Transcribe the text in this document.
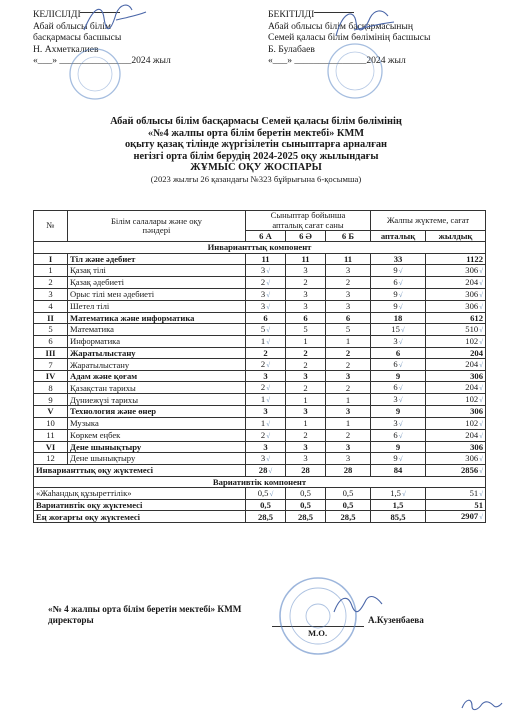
КЕЛІСІЛДІ
Абай облысы білім
басқармасы басшысы
Н. Ахметкалиев
«___» _______________2024 жыл
БЕКІТІЛДІ
Абай облысы білім басқармасының
Семей қаласы білім бөлімінің басшысы
Б. Булабаев
«___» _______________2024 жыл
Абай облысы білім басқармасы Семей қаласы білім бөлімінің
«№4 жалпы орта білім беретін мектебі» КММ
оқыту қазақ тілінде жүргізілетін сыныптарға арналған
негізгі орта білім берудің 2024-2025 оқу жылындағы
ЖҰМЫС ОҚУ ЖОСПАРЫ
(2023 жылғы 26 қазандағы №323 бұйрығына 6-қосымша)
№	Білім салалары және оқу пәндері	Сыныптар бойынша апталық сағат саны			Жалпы жүктеме, сағат	
		6 А	6 Ә	6 Б	апталық	жылдық
Инварианттық компонент						
I	Тіл және әдебиет	11	11	11	33	1122
1	Қазақ тілі	3√	3	3	9√	306√
2	Қазақ әдебиеті	2√	2	2	6√	204√
3	Орыс тілі мен әдебиеті	3√	3	3	9√	306√
4	Шетел тілі	3√	3	3	9√	306√
II	Математика және информатика	6	6	6	18	612
5	Математика	5√	5	5	15√	510√
6	Информатика	1√	1	1	3√	102√
III	Жаратылыстану	2	2	2	6	204
7	Жаратылыстану	2√	2	2	6√	204√
IV	Адам және қоғам	3	3	3	9	306
8	Қазақстан тарихы	2√	2	2	6√	204√
9	Дүниежүзі тарихы	1√	1	1	3√	102√
V	Технология және өнер	3	3	3	9	306
10	Музыка	1√	1	1	3√	102√
11	Көркем еңбек	2√	2	2	6√	204√
VI	Дене шынықтыру	3	3	3	9	306
12	Дене шынықтыру	3√	3	3	9√	306√
Инварианттық оқу жүктемесі		28√	28	28	84	2856√
Вариативтік компонент						
«Жаһандық құзыреттілік»		0,5√	0,5	0,5	1,5√	51√
Вариативтік оқу жүктемесі		0,5	0,5	0,5	1,5	51
Ең жоғарғы оқу жүктемесі		28,5	28,5	28,5	85,5	2907√
«№ 4 жалпы орта білім беретін мектебі» КММ
директоры	А.Кузенбаева
М.О.
